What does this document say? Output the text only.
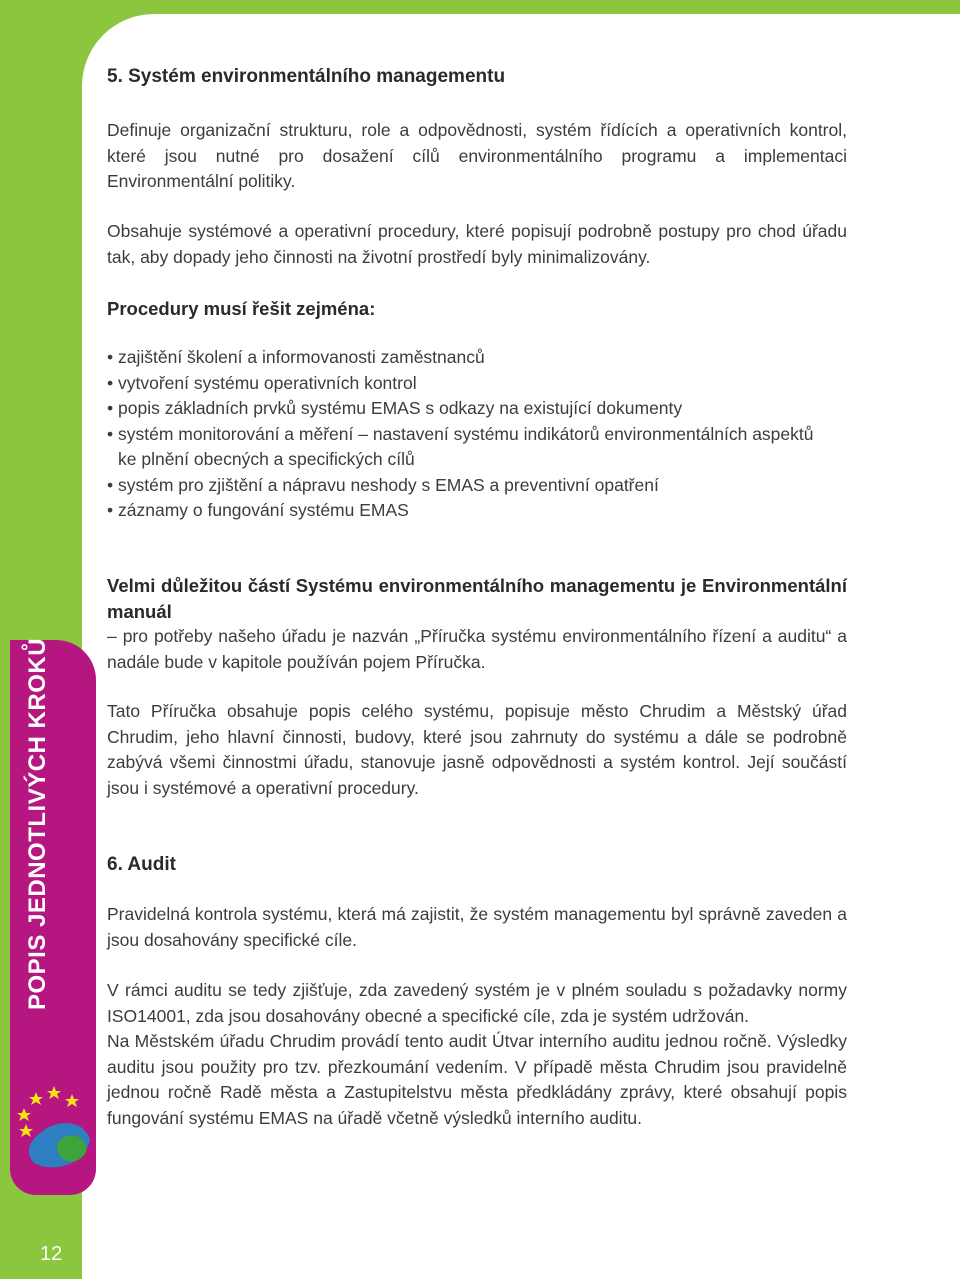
POPIS JEDNOTLIVÝCH KROKŮ
12
5. Systém environmentálního managementu

Definuje organizační strukturu, role a odpovědnosti, systém řídících a operativních kontrol, které jsou nutné pro dosažení cílů environmentálního programu a implementaci Environmentální politiky.

Obsahuje systémové a operativní procedury, které popisují podrobně postupy pro chod úřadu tak, aby dopady jeho činnosti na životní prostředí byly minimalizovány.

Procedury musí řešit zejména:
• zajištění školení a informovanosti zaměstnanců
• vytvoření systému operativních kontrol
• popis základních prvků systému EMAS s odkazy na existující dokumenty
• systém monitorování a měření – nastavení systému indikátorů environmentálních aspektů ke plnění obecných a specifických cílů
• systém pro zjištění a nápravu neshody s EMAS a preventivní opatření
• záznamy o fungování systému EMAS

Velmi důležitou částí Systému environmentálního managementu je Environmentální manuál

– pro potřeby našeho úřadu je nazván „Příručka systému environmentálního řízení a auditu“ a nadále bude v kapitole používán pojem Příručka.

Tato Příručka obsahuje popis celého systému, popisuje město Chrudim a Městský úřad Chrudim, jeho hlavní činnosti, budovy, které jsou zahrnuty do systému a dále se podrobně zabývá všemi činnostmi úřadu, stanovuje jasně odpovědnosti a systém kontrol. Její součástí jsou i systémové a operativní procedury.

6. Audit

Pravidelná kontrola systému, která má zajistit, že systém managementu byl správně zaveden a jsou dosahovány specifické cíle.

V rámci auditu se tedy zjišťuje, zda zavedený systém je v plném souladu s požadavky normy ISO14001, zda jsou dosahovány obecné a specifické cíle, zda je systém udržován.

Na Městském úřadu Chrudim provádí tento audit Útvar interního auditu jednou ročně. Výsledky auditu jsou použity pro tzv. přezkoumání vedením. V případě města Chrudim jsou pravidelně jednou ročně Radě města a Zastupitelstvu města předkládány zprávy, které obsahují popis fungování systému EMAS na úřadě včetně výsledků interního auditu.
